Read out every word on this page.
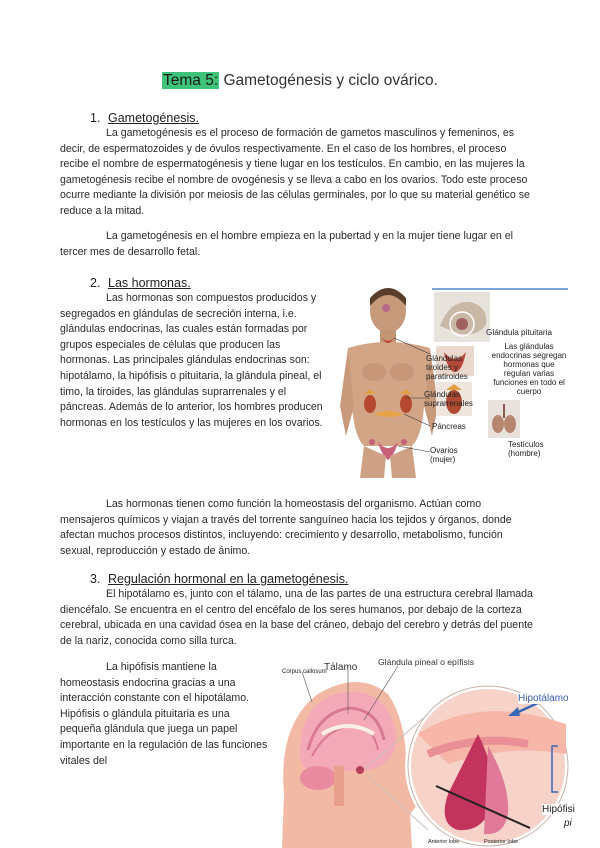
Tema 5: Gametogénesis y ciclo ovárico.
1. Gametogénesis.
La gametogénesis es el proceso de formación de gametos masculinos y femeninos, es decir, de espermatozoides y de óvulos respectivamente. En el caso de los hombres, el proceso recibe el nombre de espermatogénesis y tiene lugar en los testículos. En cambio, en las mujeres la gametogénesis recibe el nombre de ovogénesis y se lleva a cabo en los ovarios. Todo este proceso ocurre mediante la división por meiosis de las células germinales, por lo que su material genético se reduce a la mitad.
La gametogénesis en el hombre empieza en la pubertad y en la mujer tiene lugar en el tercer mes de desarrollo fetal.
2. Las hormonas.
Las hormonas son compuestos producidos y segregados en glándulas de secreción interna, i.e. glándulas endocrinas, las cuales están formadas por grupos especiales de células que producen las hormonas. Las principales glándulas endocrinas son: hipotálamo, la hipófisis o pituitaria, la glándula pineal, el timo, la tiroides, las glándulas suprarrenales y el páncreas. Además de lo anterior, los hombres producen hormonas en los testículos y las mujeres en los ovarios.
Glándula pituitaria
Las glándulas endocrinas segregan hormonas que regulan varias funciones en todo el cuerpo
Glándulas tiroides y paratiroides
Glándulas suprarrenales
Páncreas
Ovarios (mujer)
Testículos (hombre)
Las hormonas tienen como función la homeostasis del organismo. Actúan como mensajeros químicos y viajan a través del torrente sanguíneo hacia los tejidos y órganos, donde afectan muchos procesos distintos, incluyendo: crecimiento y desarrollo, metabolismo, función sexual, reproducción y estado de ánimo.
3. Regulación hormonal en la gametogénesis.
El hipotálamo es, junto con el tálamo, una de las partes de una estructura cerebral llamada diencéfalo. Se encuentra en el centro del encéfalo de los seres humanos, por debajo de la corteza cerebral, ubicada en una cavidad ósea en la base del cráneo, debajo del cerebro y detrás del puente de la nariz, conocida como silla turca.
La hipófisis mantiene la homeostasis endocrina gracias a una interacción constante con el hipotálamo. Hipófisis o glándula pituitaria es una pequeña glándula que juega un papel importante en la regulación de las funciones vitales del
Corpus callosum
Tálamo Glándula pineal o epífisis
Hipotálamo
Hipófisi
pi
Anterior lobe	Posterior lobe
